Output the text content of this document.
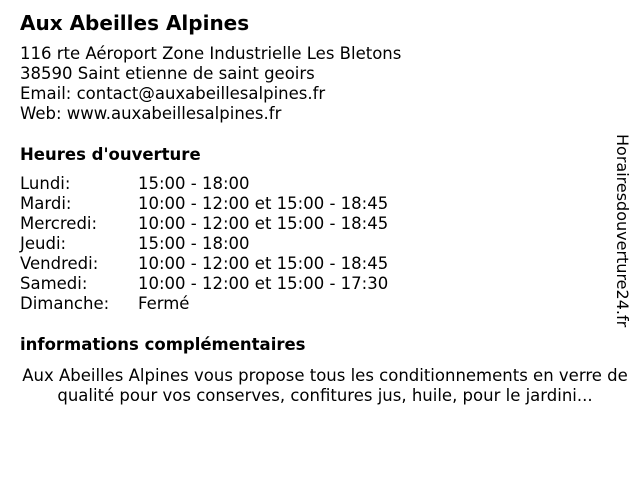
Aux Abeilles Alpines
116 rte Aéroport Zone Industrielle Les Bletons
38590 Saint etienne de saint geoirs
Email: contact@auxabeillesalpines.fr
Web: www.auxabeillesalpines.fr
Heures d'ouverture
Lundi:	15:00 - 18:00
Mardi:	10:00 - 12:00 et 15:00 - 18:45
Mercredi: 10:00 - 12:00 et 15:00 - 18:45
Jeudi:	15:00 - 18:00
Vendredi: 10:00 - 12:00 et 15:00 - 18:45
Samedi:	10:00 - 12:00 et 15:00 - 17:30
Dimanche: Fermé
informations complémentaires
Aux Abeilles Alpines vous propose tous les conditionnements en verre de qualité pour vos conserves, confitures jus, huile, pour le jardini...
Horairesdouverture24.fr
